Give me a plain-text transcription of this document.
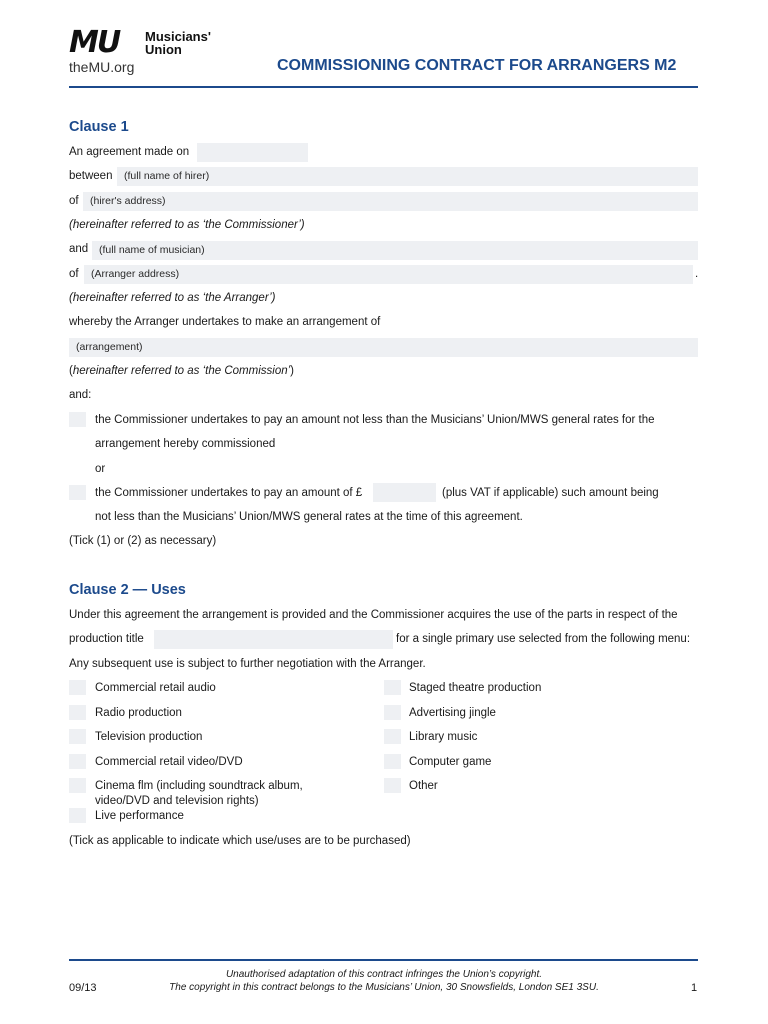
MU Musicians'
Union
theMU.org	COMMISSIONING CONTRACT FOR ARRANGERS M2
Clause 1
An agreement made on
between	(full name of hirer)
of	(hirer's address)
(hereinafter referred to as ‘the Commissioner’)
and	(full name of musician)
of	(Arranger address)	.
(hereinafter referred to as ‘the Arranger’)
whereby the Arranger undertakes to make an arrangement of
(arrangement)
(hereinafter referred to as ‘the Commission’)
and:
the Commissioner undertakes to pay an amount not less than the Musicians’ Union/MWS general rates for the
arrangement hereby commissioned
or
the Commissioner undertakes to pay an amount of £	(plus VAT if applicable) such amount being
not less than the Musicians’ Union/MWS general rates at the time of this agreement.
(Tick (1) or (2) as necessary)
Clause 2 — Uses
Under this agreement the arrangement is provided and the Commissioner acquires the use of the parts in respect of the
production title	for a single primary use selected from the following menu:
Any subsequent use is subject to further negotiation with the Arranger.
Commercial retail audio
Radio production
Television production
Commercial retail video/DVD
Cinema flm (including soundtrack album,
video/DVD and television rights)
Live performance
Staged theatre production
Advertising jingle
Library music
Computer game
Other
(Tick as applicable to indicate which use/uses are to be purchased)
09/13
Unauthorised adaptation of this contract infringes the Union’s copyright.
The copyright in this contract belongs to the Musicians’ Union, 30 Snowsfields, London SE1 3SU.	1
